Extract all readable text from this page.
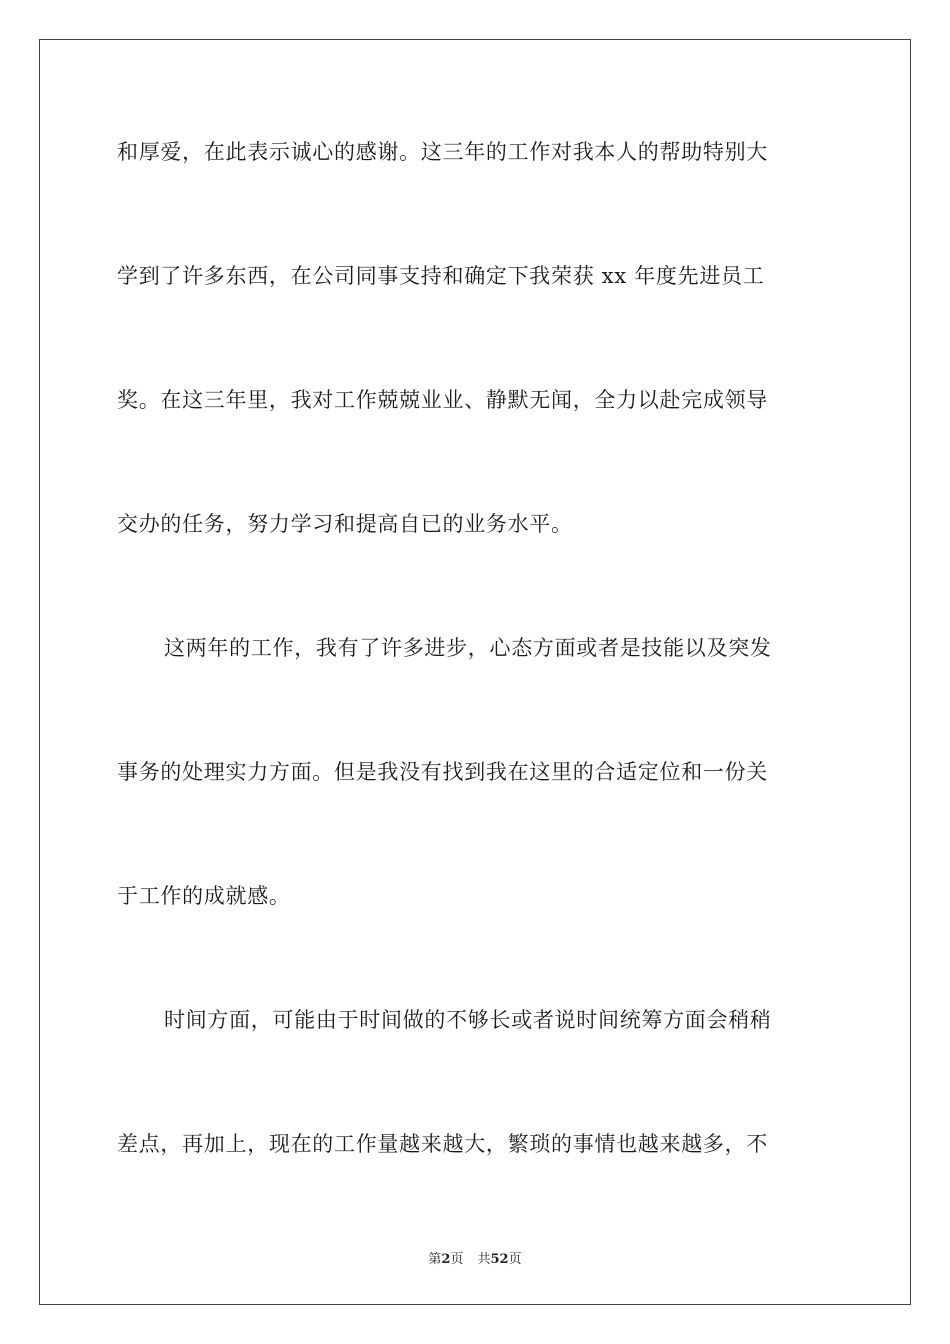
和厚爱，在此表示诚心的感谢。这三年的工作对我本人的帮助特别大

学到了许多东西，在公司同事支持和确定下我荣获 xx 年度先进员工

奖。在这三年里，我对工作兢兢业业、静默无闻，全力以赴完成领导

交办的任务，努力学习和提高自已的业务水平。

这两年的工作，我有了许多进步，心态方面或者是技能以及突发

事务的处理实力方面。但是我没有找到我在这里的合适定位和一份关

于工作的成就感。

时间方面，可能由于时间做的不够长或者说时间统筹方面会稍稍

差点，再加上，现在的工作量越来越大，繁琐的事情也越来越多，不

第2页 共52页
